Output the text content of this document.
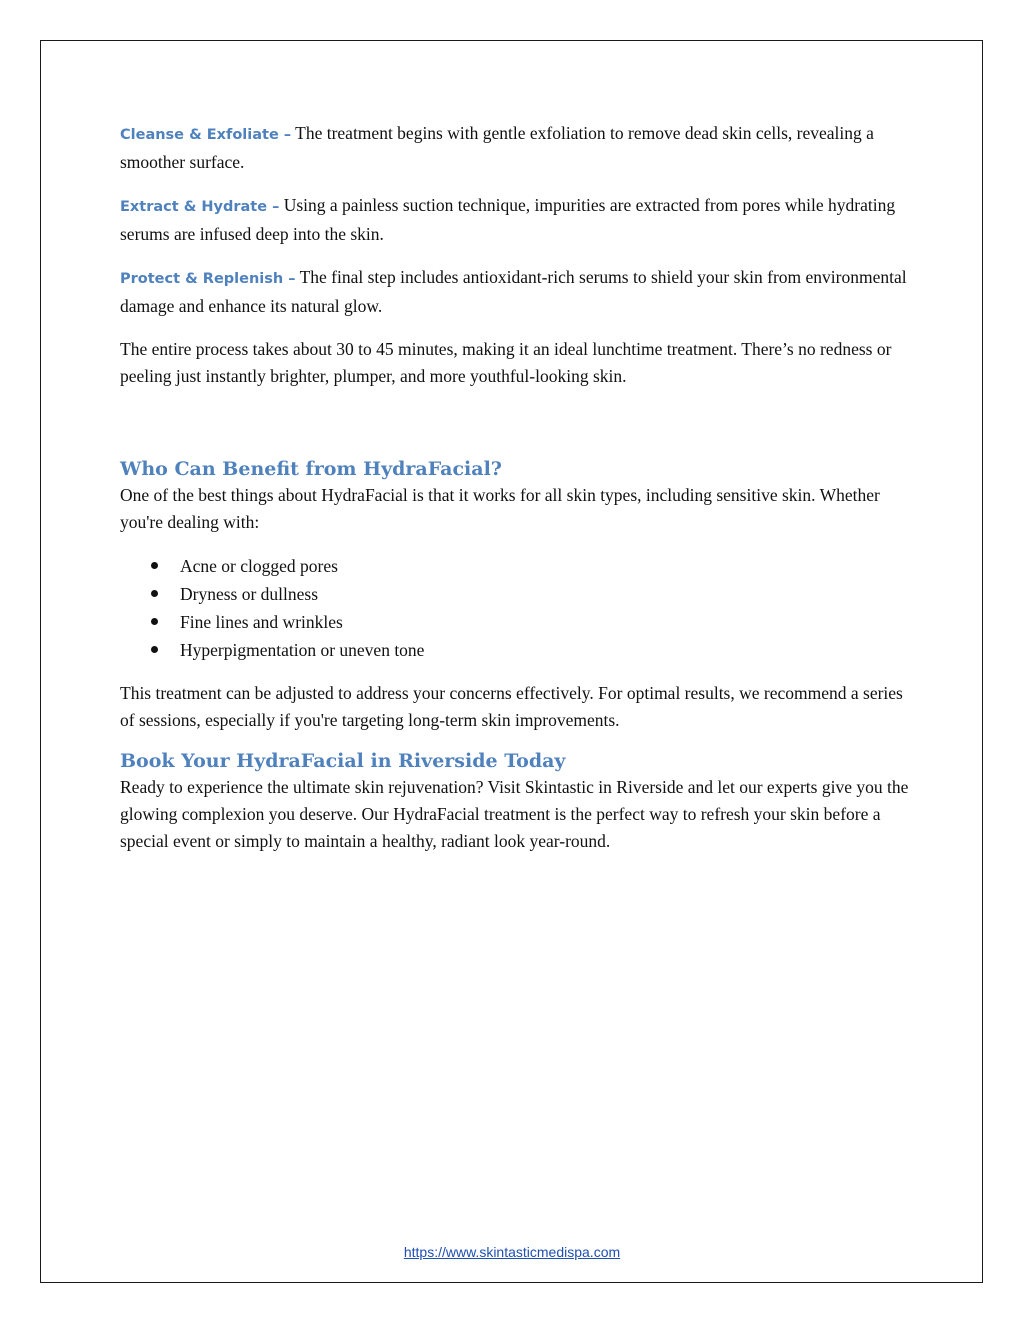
Cleanse & Exfoliate – The treatment begins with gentle exfoliation to remove dead skin cells, revealing a smoother surface.

Extract & Hydrate – Using a painless suction technique, impurities are extracted from pores while hydrating serums are infused deep into the skin.

Protect & Replenish – The final step includes antioxidant-rich serums to shield your skin from environmental damage and enhance its natural glow.

The entire process takes about 30 to 45 minutes, making it an ideal lunchtime treatment. There’s no redness or peeling just instantly brighter, plumper, and more youthful-looking skin.

Who Can Benefit from HydraFacial?

One of the best things about HydraFacial is that it works for all skin types, including sensitive skin. Whether you're dealing with:

Acne or clogged pores
Dryness or dullness
Fine lines and wrinkles
Hyperpigmentation or uneven tone

This treatment can be adjusted to address your concerns effectively. For optimal results, we recommend a series of sessions, especially if you're targeting long-term skin improvements.

Book Your HydraFacial in Riverside Today

Ready to experience the ultimate skin rejuvenation? Visit Skintastic in Riverside and let our experts give you the glowing complexion you deserve. Our HydraFacial treatment is the perfect way to refresh your skin before a special event or simply to maintain a healthy, radiant look year-round.

https://www.skintasticmedispa.com
